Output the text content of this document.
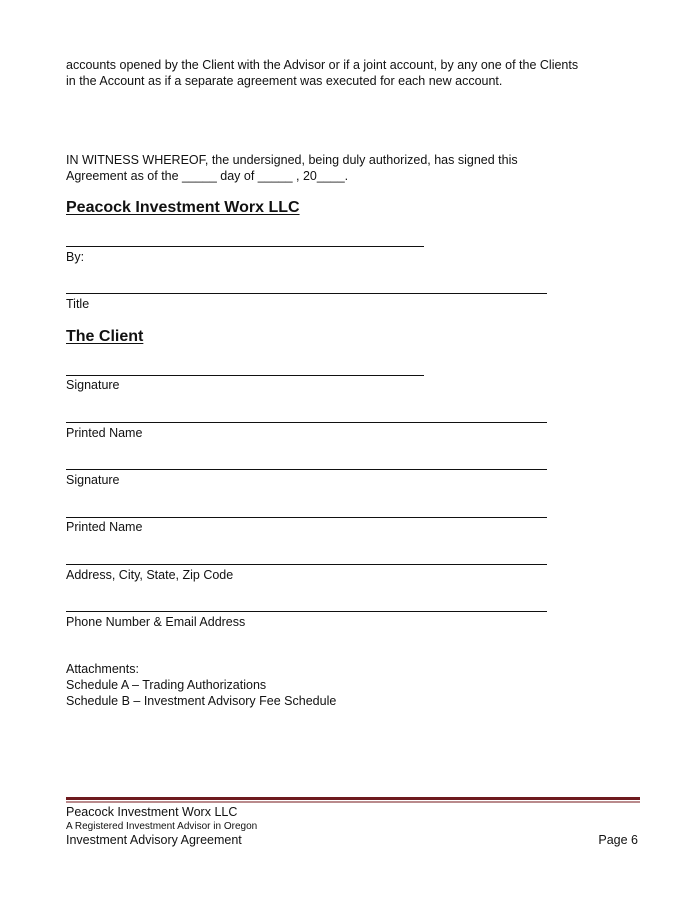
accounts opened by the Client with the Advisor or if a joint account, by any one of the Clients
in the Account as if a separate agreement was executed for each new account.
IN WITNESS WHEREOF, the undersigned, being duly authorized, has signed this
Agreement as of the _____ day of _____ , 20____.
Peacock Investment Worx LLC
By:
Title
The Client
Signature
Printed Name
Signature
Printed Name
Address, City, State, Zip Code
Phone Number & Email Address
Attachments:
Schedule A – Trading Authorizations
Schedule B – Investment Advisory Fee Schedule
Peacock Investment Worx LLC
A Registered Investment Advisor in Oregon
Investment Advisory Agreement	Page 6
